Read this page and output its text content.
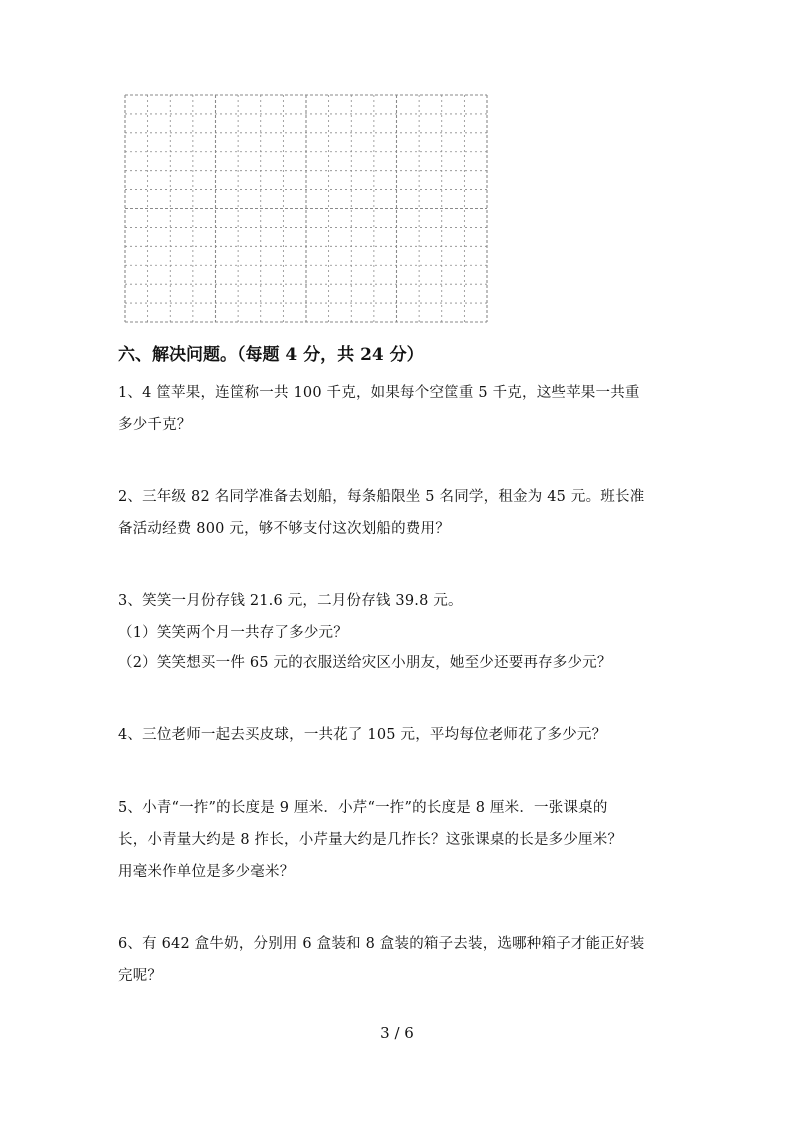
六、解决问题。（每题 4 分，共 24 分）
1、4 筐苹果，连筐称一共 100 千克，如果每个空筐重 5 千克，这些苹果一共重
多少千克？
2、三年级 82 名同学准备去划船，每条船限坐 5 名同学，租金为 45 元。班长准
备活动经费 800 元，够不够支付这次划船的费用？
3、笑笑一月份存钱 21.6 元，二月份存钱 39.8 元。
（1）笑笑两个月一共存了多少元？
（2）笑笑想买一件 65 元的衣服送给灾区小朋友，她至少还要再存多少元？
4、三位老师一起去买皮球，一共花了 105 元，平均每位老师花了多少元？
5、小青“一拃”的长度是 9 厘米．小芹“一拃”的长度是 8 厘米．一张课桌的
长，小青量大约是 8 拃长，小芹量大约是几拃长？这张课桌的长是多少厘米？
用毫米作单位是多少毫米？
6、有 642 盒牛奶，分别用 6 盒装和 8 盒装的箱子去装，选哪种箱子才能正好装
完呢？
3 / 6
